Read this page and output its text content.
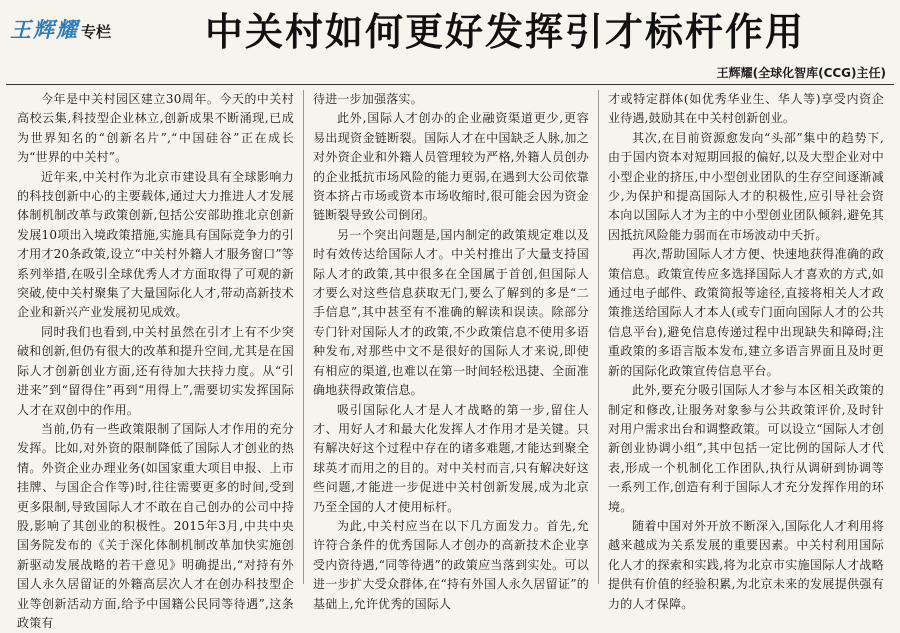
王辉耀 专栏 中关村如何更好发挥引才标杆作用
王辉耀(全球化智库(CCG)主任)

今年是中关村园区建立30周年。今天的中关村高校云集,科技型企业林立,创新成果不断涌现,已成为世界知名的“创新名片”,“中国硅谷”正在成长为“世界的中关村”。

近年来,中关村作为北京市建设具有全球影响力的科技创新中心的主要载体,通过大力推进人才发展体制机制改革与政策创新,包括公安部助推北京创新发展10项出入境政策措施,实施具有国际竞争力的引才用才20条政策,设立“中关村外籍人才服务窗口”等系列举措,在吸引全球优秀人才方面取得了可观的新突破,使中关村聚集了大量国际化人才,带动高新技术企业和新兴产业发展初见成效。

同时我们也看到,中关村虽然在引才上有不少突破和创新,但仍有很大的改革和提升空间,尤其是在国际人才创新创业方面,还有待加大扶持力度。从“引进来”到“留得住”再到“用得上”,需要切实发挥国际人才在双创中的作用。

当前,仍有一些政策限制了国际人才作用的充分发挥。比如,对外资的限制降低了国际人才创业的热情。外资企业办理业务(如国家重大项目申报、上市挂牌、与国企合作等)时,往往需要更多的时间,受到更多限制,导致国际人才不敢在自己创办的公司中持股,影响了其创业的积极性。2015年3月,中共中央国务院发布的《关于深化体制机制改革加快实施创新驱动发展战略的若干意见》明确提出,“对持有外国人永久居留证的外籍高层次人才在创办科技型企业等创新活动方面,给予中国籍公民同等待遇”,这条政策有

待进一步加强落实。

此外,国际人才创办的企业融资渠道更少,更容易出现资金链断裂。国际人才在中国缺乏人脉,加之对外资企业和外籍人员管理较为严格,外籍人员创办的企业抵抗市场风险的能力更弱,在遇到大公司依靠资本挤占市场或资本市场收缩时,很可能会因为资金链断裂导致公司倒闭。

另一个突出问题是,国内制定的政策规定难以及时有效传达给国际人才。中关村推出了大量支持国际人才的政策,其中很多在全国属于首创,但国际人才要么对这些信息获取无门,要么了解到的多是“二手信息”,其中甚至有不准确的解读和误读。除部分专门针对国际人才的政策,不少政策信息不使用多语种发布,对那些中文不是很好的国际人才来说,即使有相应的渠道,也难以在第一时间轻松迅捷、全面准确地获得政策信息。

吸引国际化人才是人才战略的第一步,留住人才、用好人才和最大化发挥人才作用才是关键。只有解决好这个过程中存在的诸多难题,才能达到聚全球英才而用之的目的。对中关村而言,只有解决好这些问题,才能进一步促进中关村创新发展,成为北京乃至全国的人才使用标杆。

为此,中关村应当在以下几方面发力。首先,允许符合条件的优秀国际人才创办的高新技术企业享受内资待遇,“同等待遇”的政策应当落到实处。可以进一步扩大受众群体,在“持有外国人永久居留证”的基础上,允许优秀的国际人

才或特定群体(如优秀华业生、华人等)享受内资企业待遇,鼓励其在中关村创新创业。

其次,在目前资源愈发向“头部”集中的趋势下,由于国内资本对短期回报的偏好,以及大型企业对中小型企业的挤压,中小型创业团队的生存空间逐渐减少,为保护和提高国际人才的积极性,应引导社会资本向以国际人才为主的中小型创业团队倾斜,避免其因抵抗风险能力弱而在市场波动中夭折。

再次,帮助国际人才方便、快速地获得准确的政策信息。政策宣传应多选择国际人才喜欢的方式,如通过电子邮件、政策简报等途径,直接将相关人才政策推送给国际人才本人(或专门面向国际人才的公共信息平台),避免信息传递过程中出现缺失和障碍;注重政策的多语言版本发布,建立多语言界面且及时更新的国际化政策宣传信息平台。

此外,要充分吸引国际人才参与本区相关政策的制定和修改,让服务对象参与公共政策评价,及时针对用户需求出台和调整政策。可以设立“国际人才创新创业协调小组”,其中包括一定比例的国际人才代表,形成一个机制化工作团队,执行从调研到协调等一系列工作,创造有利于国际人才充分发挥作用的环境。

随着中国对外开放不断深入,国际化人才利用将越来越成为关系发展的重要因素。中关村利用国际化人才的探索和实践,将为北京市实施国际人才战略提供有价值的经验积累,为北京未来的发展提供强有力的人才保障。
